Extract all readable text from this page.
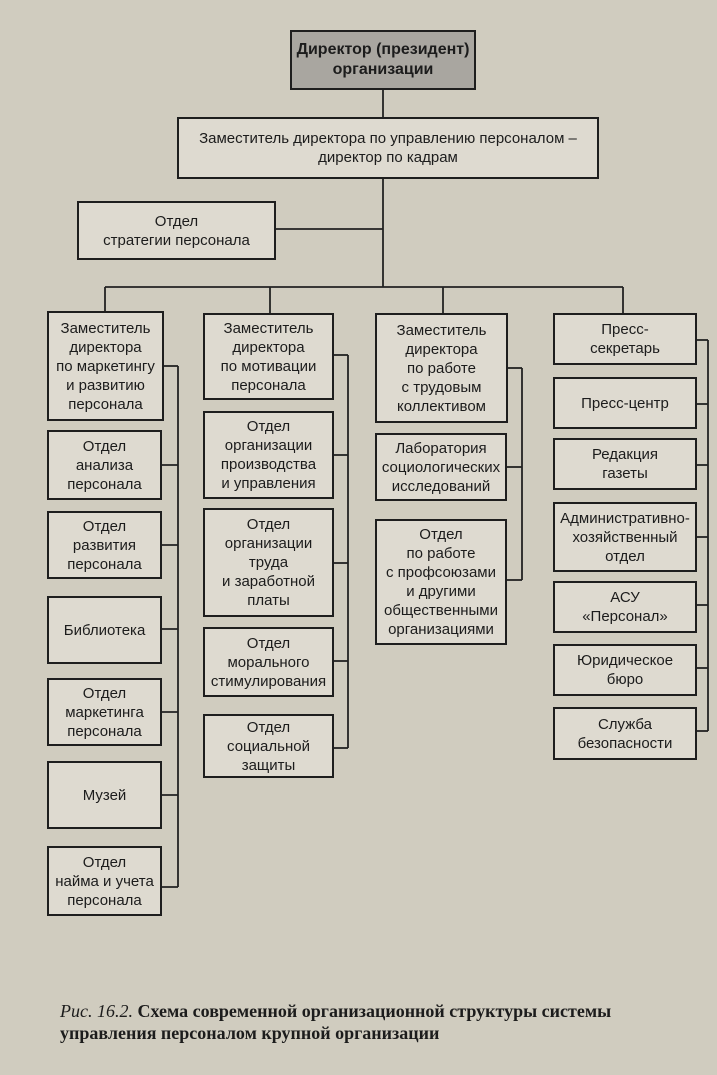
Директор (президент)
организации
Заместитель директора по управлению персоналом –
директор по кадрам
Отдел
стратегии персонала
Заместитель
директора
по маркетингу
и развитию
персонала
Заместитель
директора
по мотивации
персонала
Заместитель
директора
по работе
с трудовым
коллективом
Пресс-
секретарь
Отдел
анализа
персонала
Отдел
развития
персонала
Библиотека
Отдел
маркетинга
персонала
Музей
Отдел
найма и учета
персонала
Отдел
организации
производства
и управления
Отдел
организации
труда
и заработной
платы
Отдел
морального
стимулирования
Отдел
социальной
защиты
Лаборатория
социологических
исследований
Отдел
по работе
с профсоюзами
и другими
общественными
организациями
Пресс-центр
Редакция
газеты
Административно-
хозяйственный
отдел
АСУ
«Персонал»
Юридическое
бюро
Служба
безопасности
Рис. 16.2. Схема современной организационной структуры системы управления персоналом крупной организации
